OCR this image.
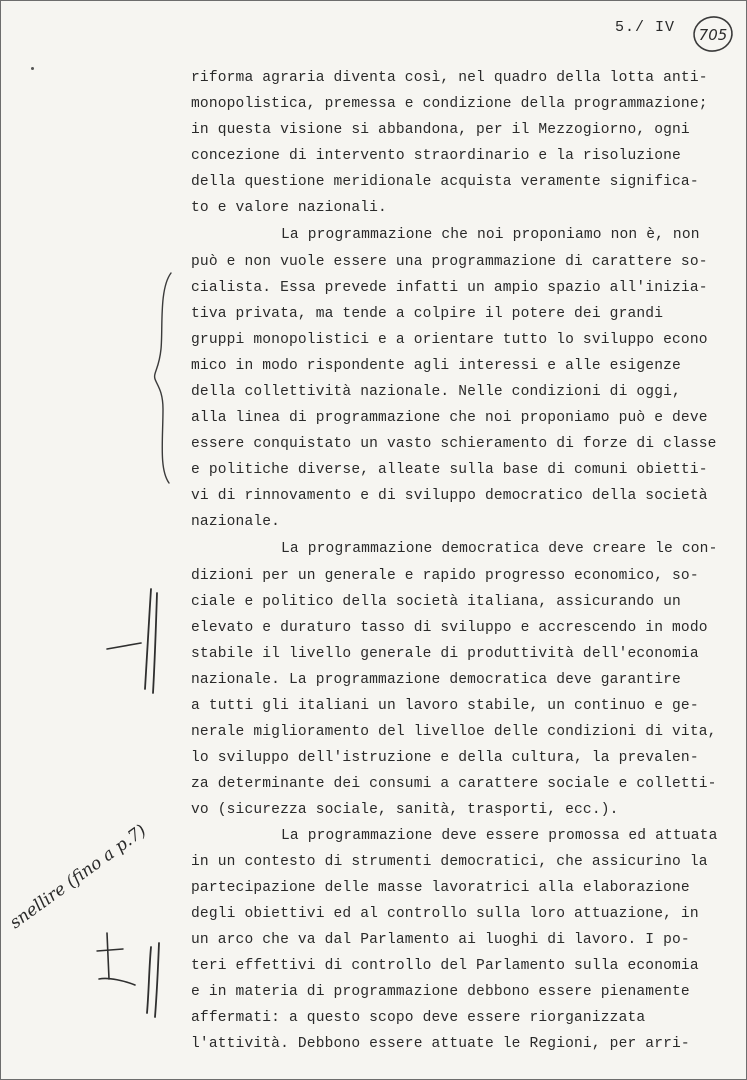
5./ IV 705
riforma agraria diventa così, nel quadro della lotta anti-
monopolistica, premessa e condizione della programmazione;
in questa visione si abbandona, per il Mezzogiorno, ogni
concezione di intervento straordinario e la risoluzione
della questione meridionale acquista veramente significa-
to e valore nazionali.
La programmazione che noi proponiamo non è, non
può e non vuole essere una programmazione di carattere so-
cialista. Essa prevede infatti un ampio spazio all'inizia-
tiva privata, ma tende a colpire il potere dei grandi
gruppi monopolistici e a orientare tutto lo sviluppo econo
mico in modo rispondente agli interessi e alle esigenze
della collettività nazionale. Nelle condizioni di oggi,
alla linea di programmazione che noi proponiamo può e deve
essere conquistato un vasto schieramento di forze di classe
e politiche diverse, alleate sulla base di comuni obietti-
vi di rinnovamento e di sviluppo democratico della società
nazionale.
La programmazione democratica deve creare le con-
dizioni per un generale e rapido progresso economico, so-
ciale e politico della società italiana, assicurando un
elevato e duraturo tasso di sviluppo e accrescendo in modo
stabile il livello generale di produttività dell'economia
nazionale. La programmazione democratica deve garantire
a tutti gli italiani un lavoro stabile, un continuo e ge-
nerale miglioramento del livelloe delle condizioni di vita,
lo sviluppo dell'istruzione e della cultura, la prevalen-
za determinante dei consumi a carattere sociale e colletti-
vo (sicurezza sociale, sanità, trasporti, ecc.).
La programmazione deve essere promossa ed attuata
in un contesto di strumenti democratici, che assicurino la
partecipazione delle masse lavoratrici alla elaborazione
degli obiettivi ed al controllo sulla loro attuazione, in
un arco che va dal Parlamento ai luoghi di lavoro. I po-
teri effettivi di controllo del Parlamento sulla economia
e in materia di programmazione debbono essere pienamente
affermati: a questo scopo deve essere riorganizzata
l'attività. Debbono essere attuate le Regioni, per arri-
snellire (fino a p.7)
